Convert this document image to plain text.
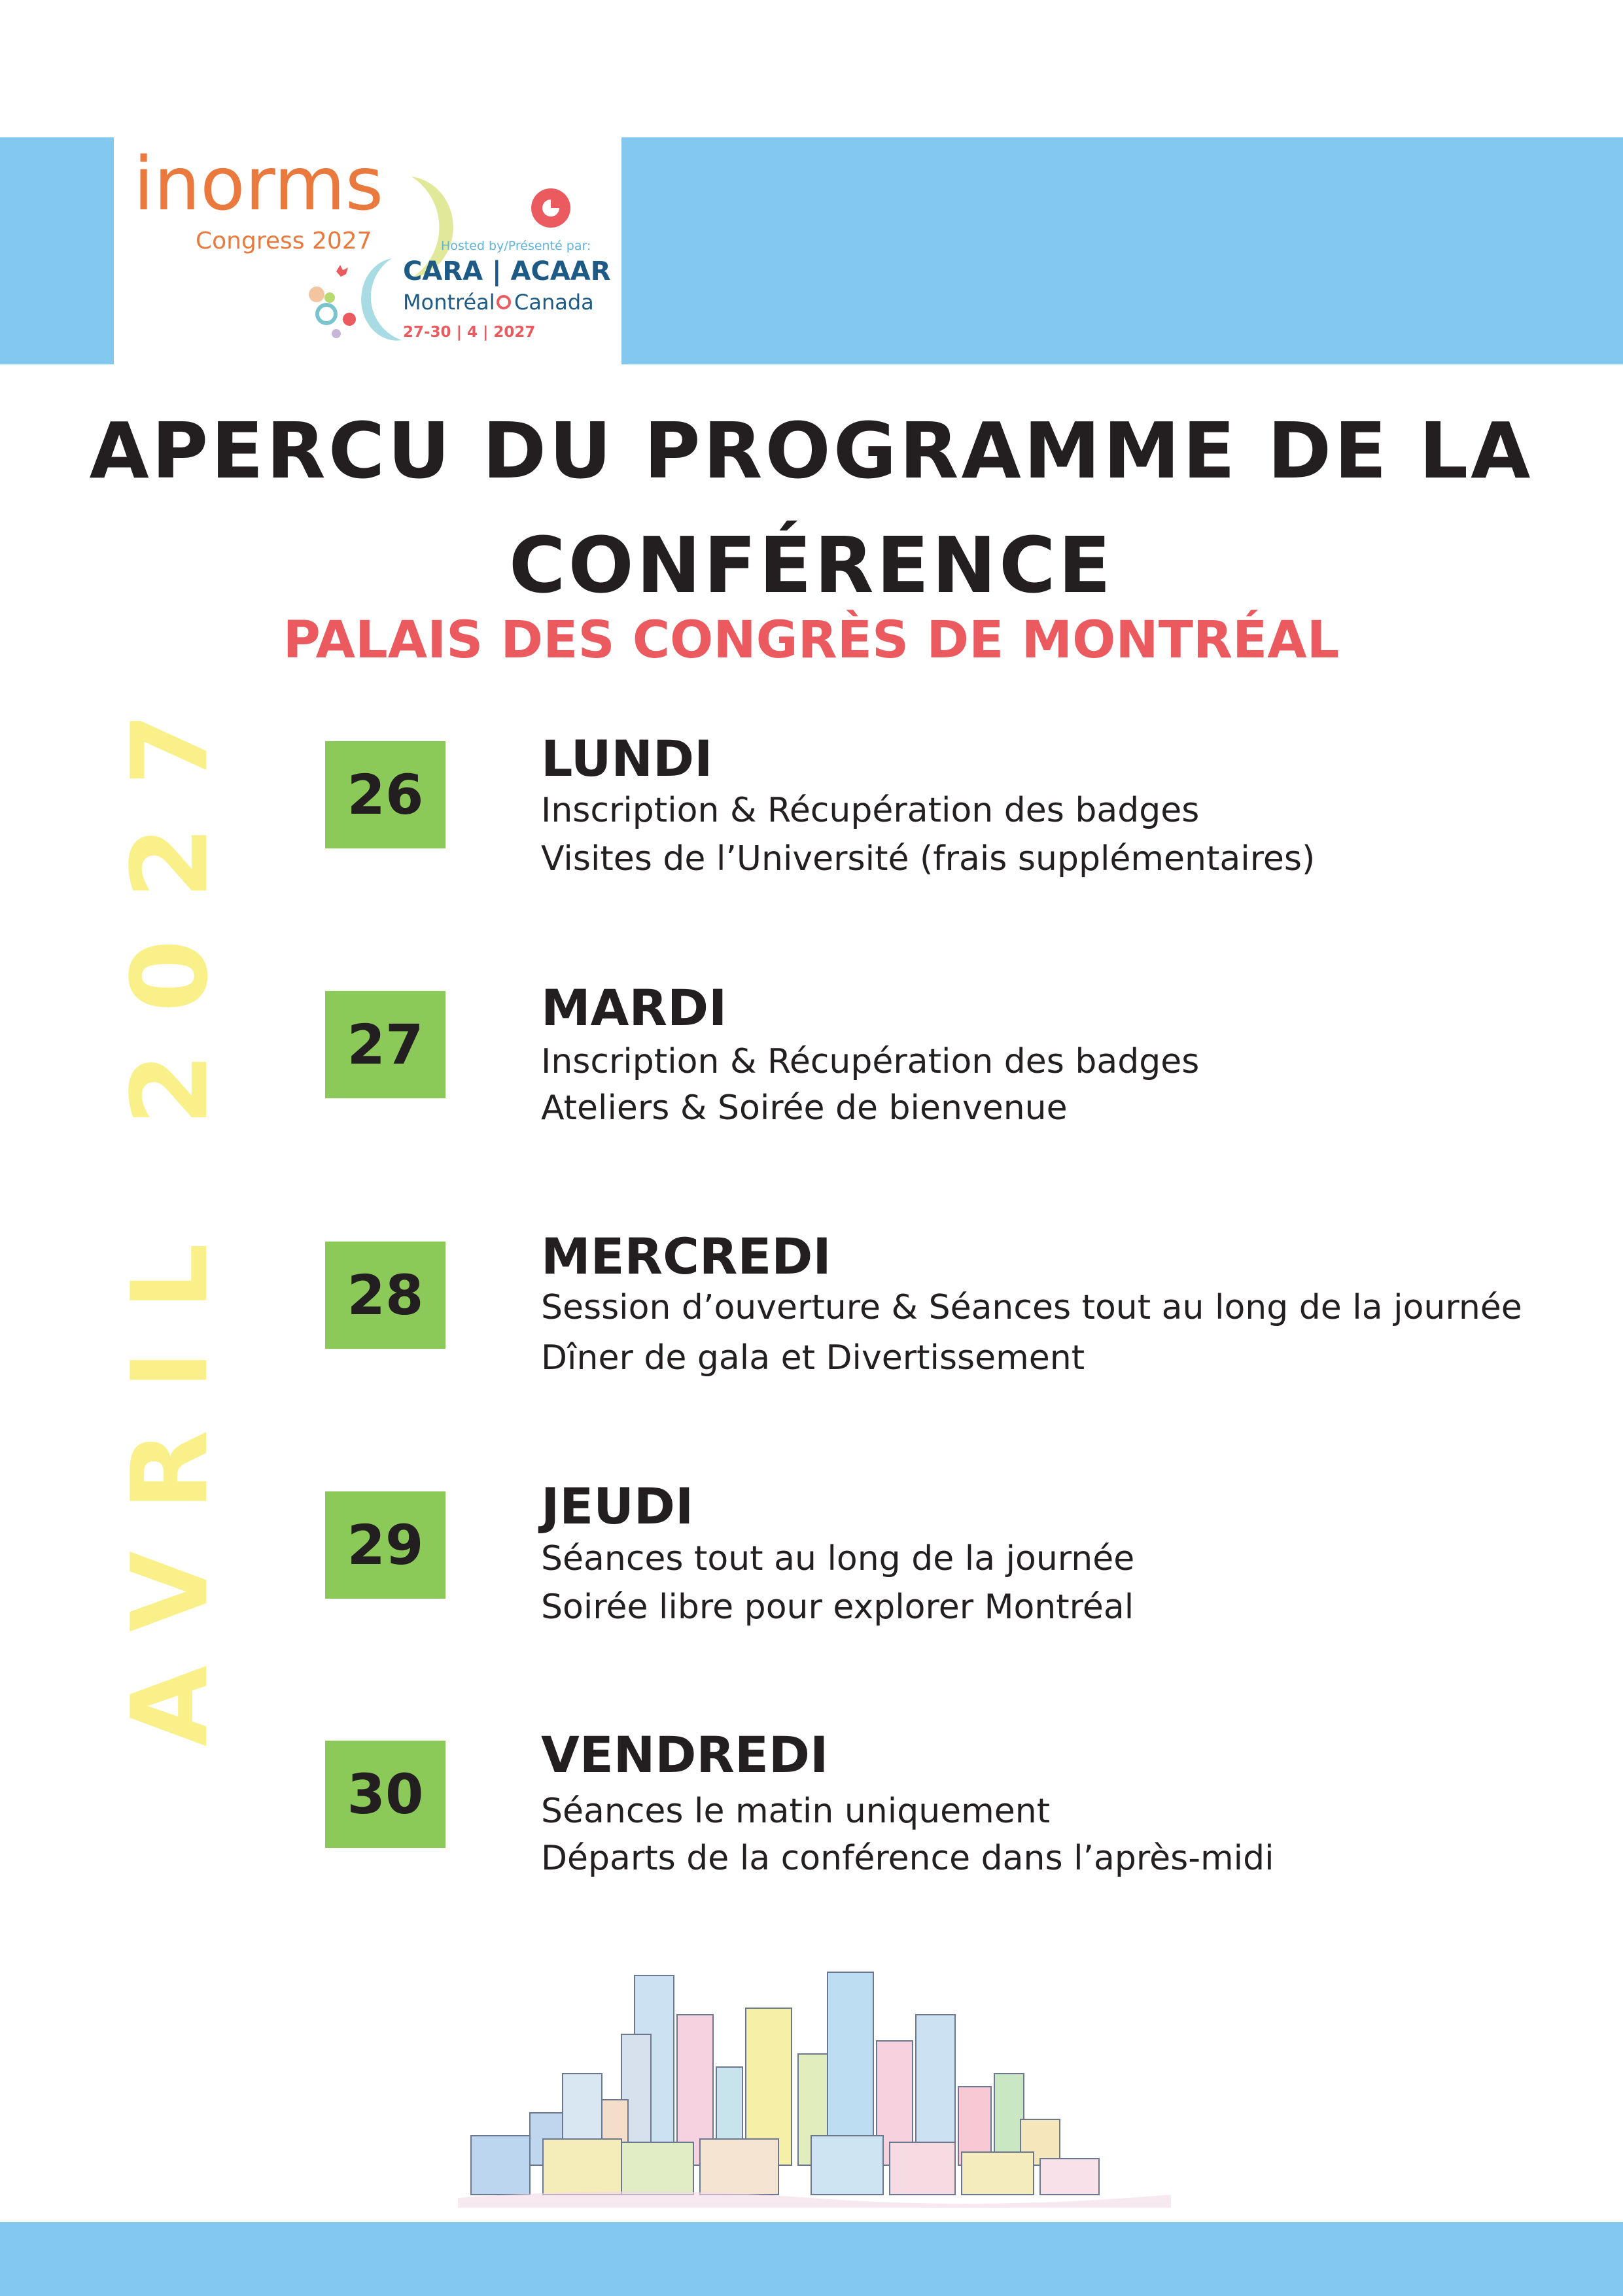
inorms
Congress 2027	Hosted by/Présenté par:
CARA | ACAAR
Montréal Canada
27-30 | 4 | 2027
APERCU DU PROGRAMME DE LA
CONFÉRENCE
PALAIS DES CONGRÈS DE MONTRÉAL
AVRIL 2027	26
LUNDI
Inscription & Récupération des badges
Visites de l’Université (frais supplémentaires)
27
MARDI
Inscription & Récupération des badges
Ateliers & Soirée de bienvenue
28
MERCREDI
Session d’ouverture & Séances tout au long de la journée
Dîner de gala et Divertissement
29
JEUDI
Séances tout au long de la journée
Soirée libre pour explorer Montréal
30
VENDREDI
Séances le matin uniquement
Départs de la conférence dans l’après-midi
